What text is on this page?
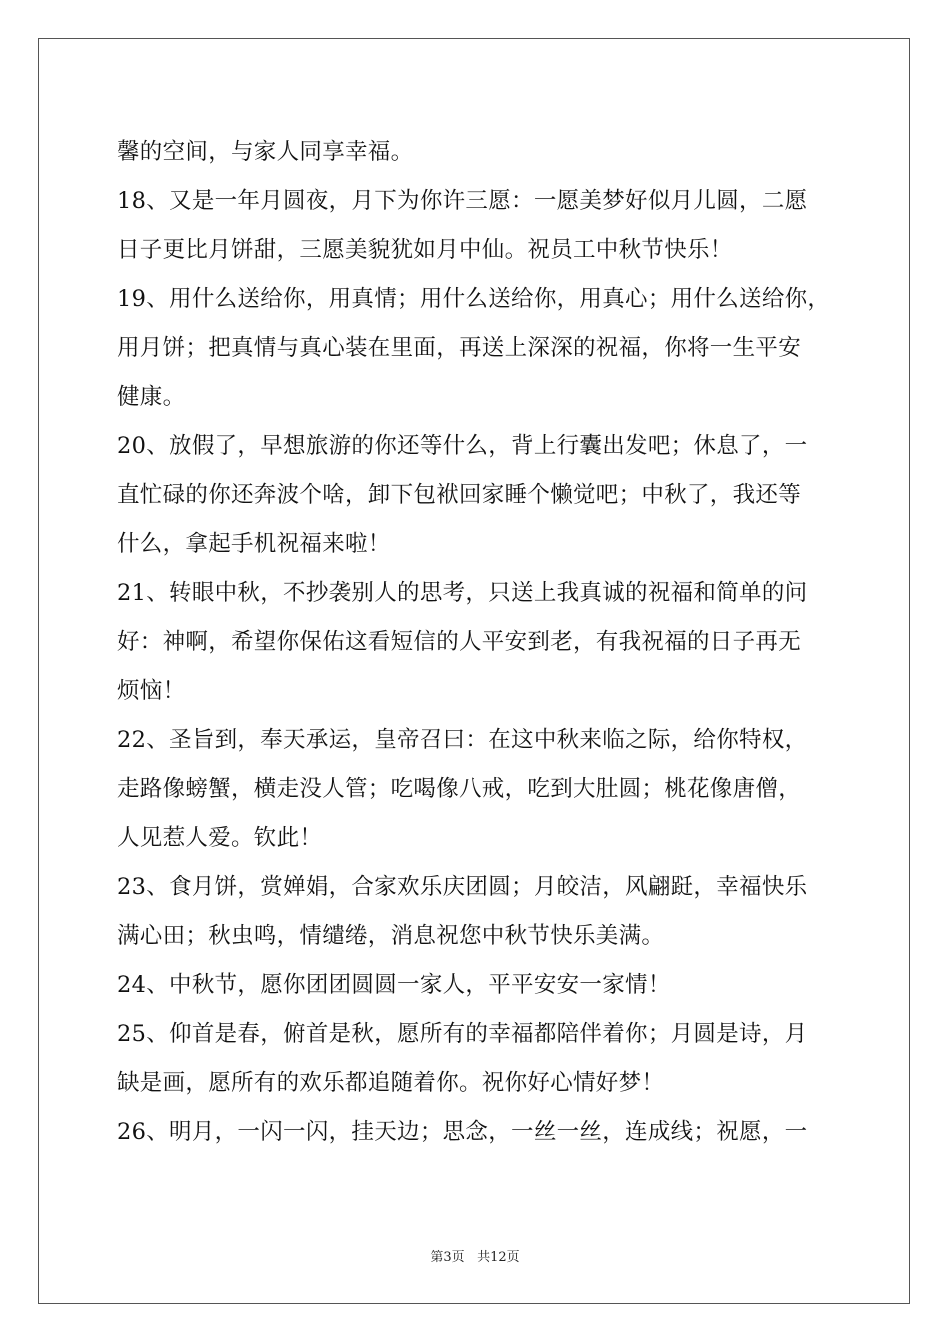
馨的空间，与家人同享幸福。
18、又是一年月圆夜，月下为你许三愿：一愿美梦好似月儿圆，二愿
日子更比月饼甜，三愿美貌犹如月中仙。祝员工中秋节快乐！
19、用什么送给你，用真情；用什么送给你，用真心；用什么送给你，
用月饼；把真情与真心装在里面，再送上深深的祝福，你将一生平安
健康。
20、放假了，早想旅游的你还等什么，背上行囊出发吧；休息了，一
直忙碌的你还奔波个啥，卸下包袱回家睡个懒觉吧；中秋了，我还等
什么，拿起手机祝福来啦！
21、转眼中秋，不抄袭别人的思考，只送上我真诚的祝福和简单的问
好：神啊，希望你保佑这看短信的人平安到老，有我祝福的日子再无
烦恼！
22、圣旨到，奉天承运，皇帝召曰：在这中秋来临之际，给你特权，
走路像螃蟹，横走没人管；吃喝像八戒，吃到大肚圆；桃花像唐僧，
人见惹人爱。钦此！
23、食月饼，赏婵娟，合家欢乐庆团圆；月皎洁，风翩跹，幸福快乐
满心田；秋虫鸣，情缱绻，消息祝您中秋节快乐美满。
24、中秋节，愿你团团圆圆一家人，平平安安一家情！
25、仰首是春，俯首是秋，愿所有的幸福都陪伴着你；月圆是诗，月
缺是画，愿所有的欢乐都追随着你。祝你好心情好梦！
26、明月，一闪一闪，挂天边；思念，一丝一丝，连成线；祝愿，一
第3页 共12页
